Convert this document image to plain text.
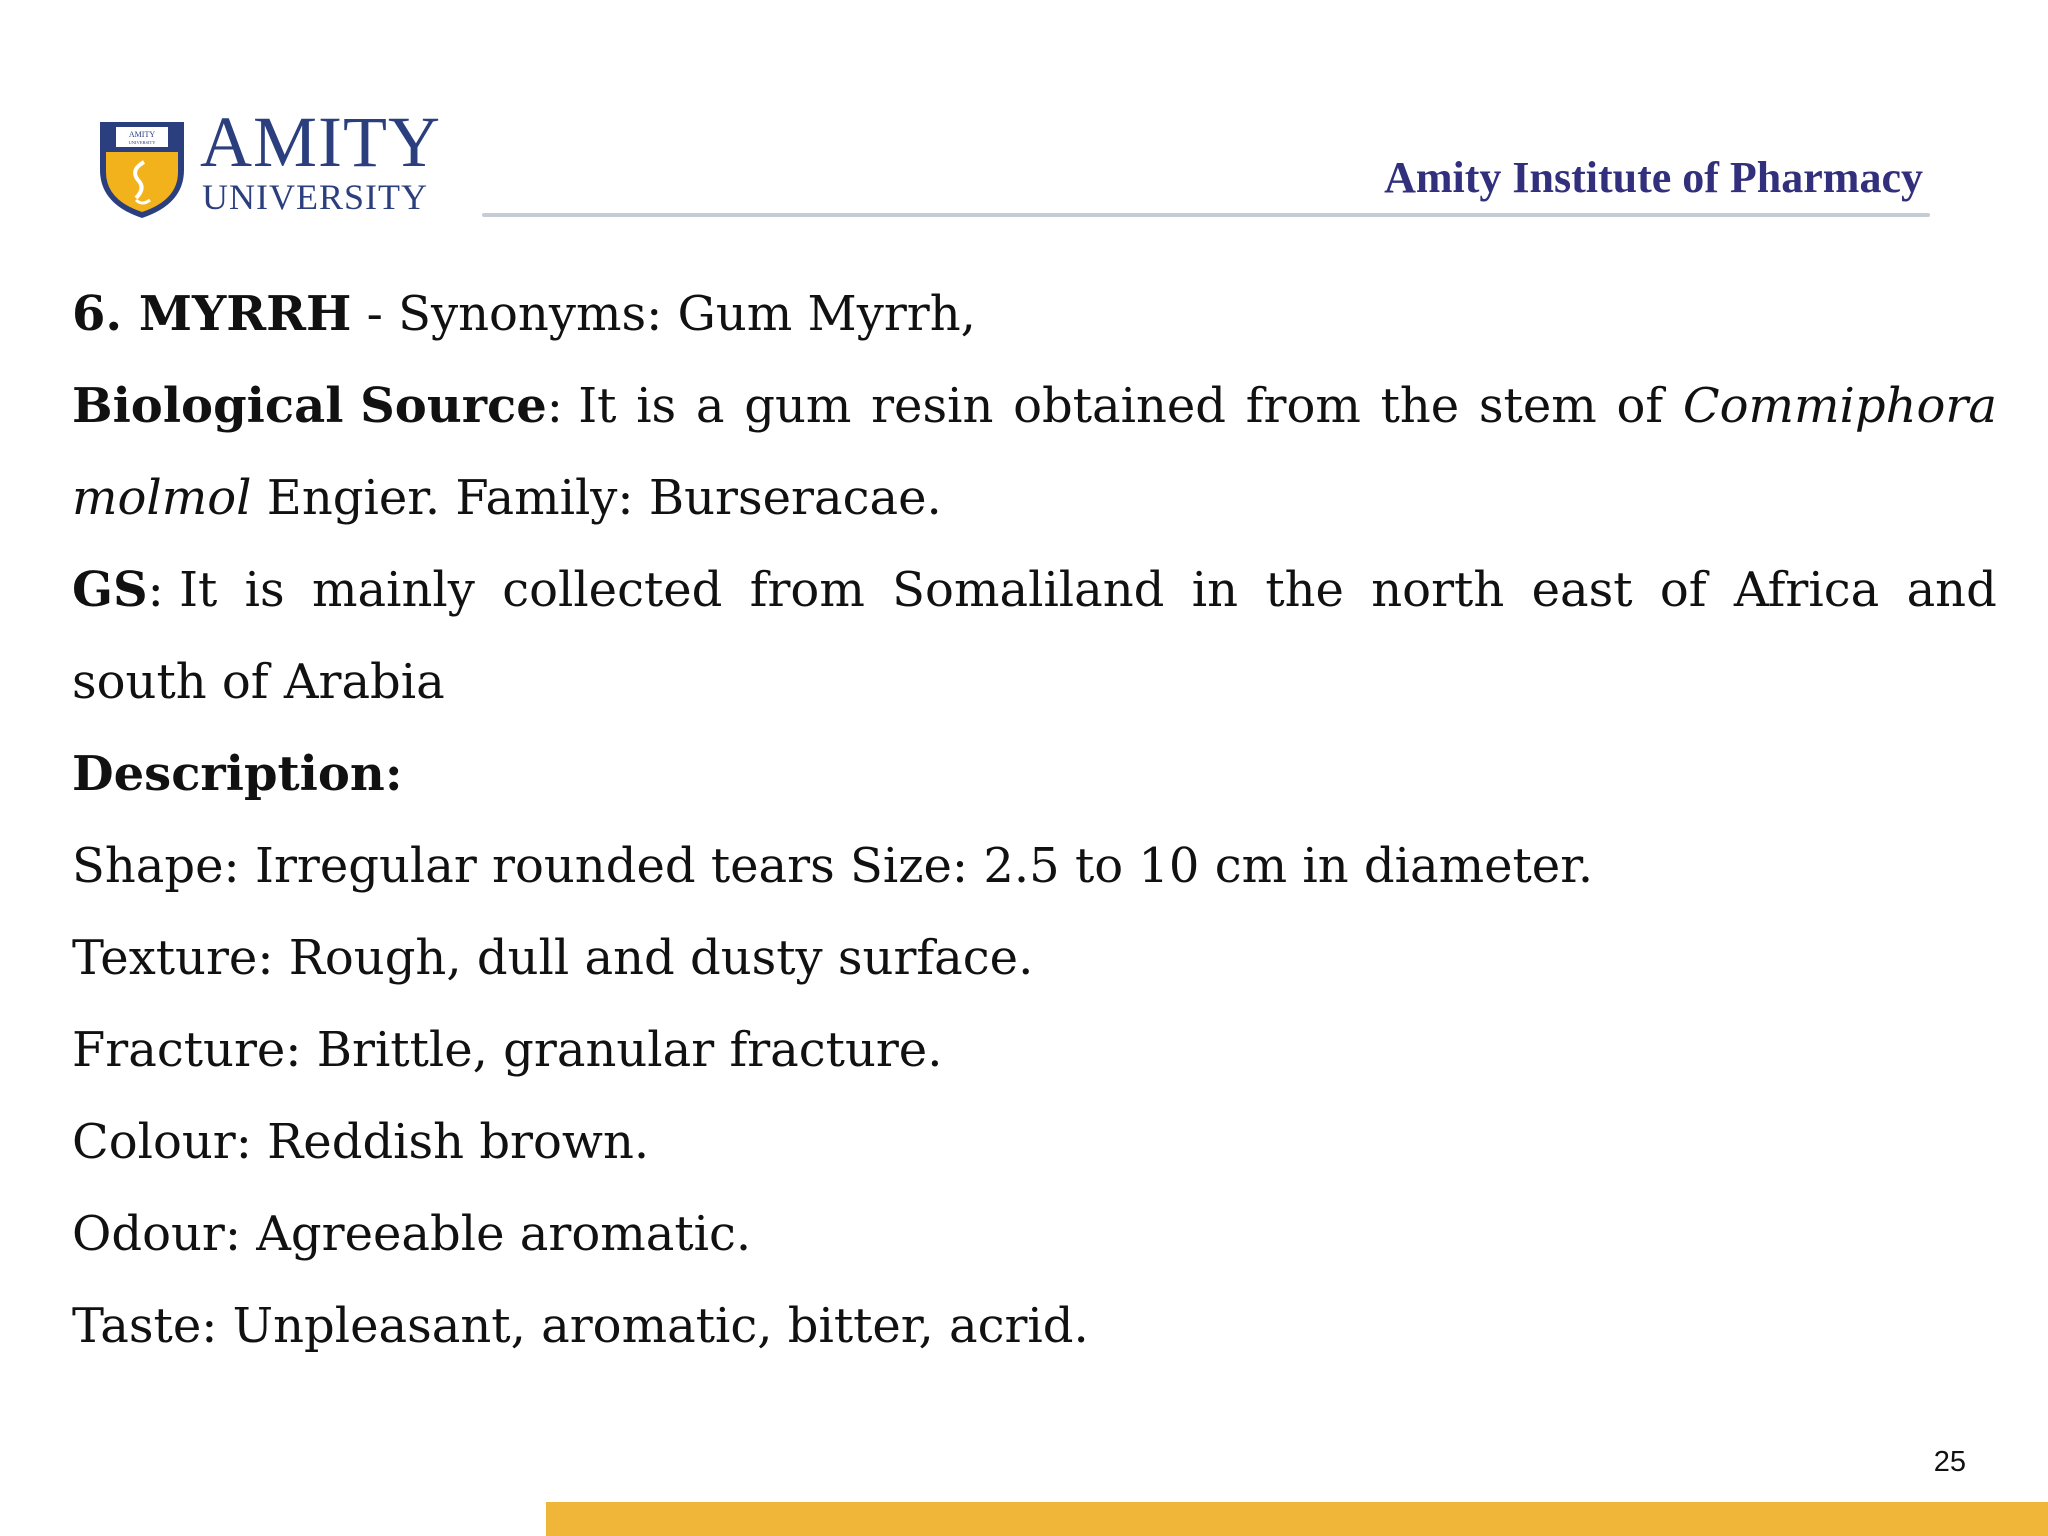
AMITY
UNIVERSITY AMITY
UNIVERSITY	Amity Institute of Pharmacy
6. MYRRH - Synonyms: Gum Myrrh,
Biological Source: It is a gum resin obtained from the stem of Commiphora
molmol Engier. Family: Burseracae.
GS: It is mainly collected from Somaliland in the north east of Africa and
south of Arabia
Description:
Shape: Irregular rounded tears Size: 2.5 to 10 cm in diameter.
Texture: Rough, dull and dusty surface.
Fracture: Brittle, granular fracture.
Colour: Reddish brown.
Odour: Agreeable aromatic.
Taste: Unpleasant, aromatic, bitter, acrid.
25
